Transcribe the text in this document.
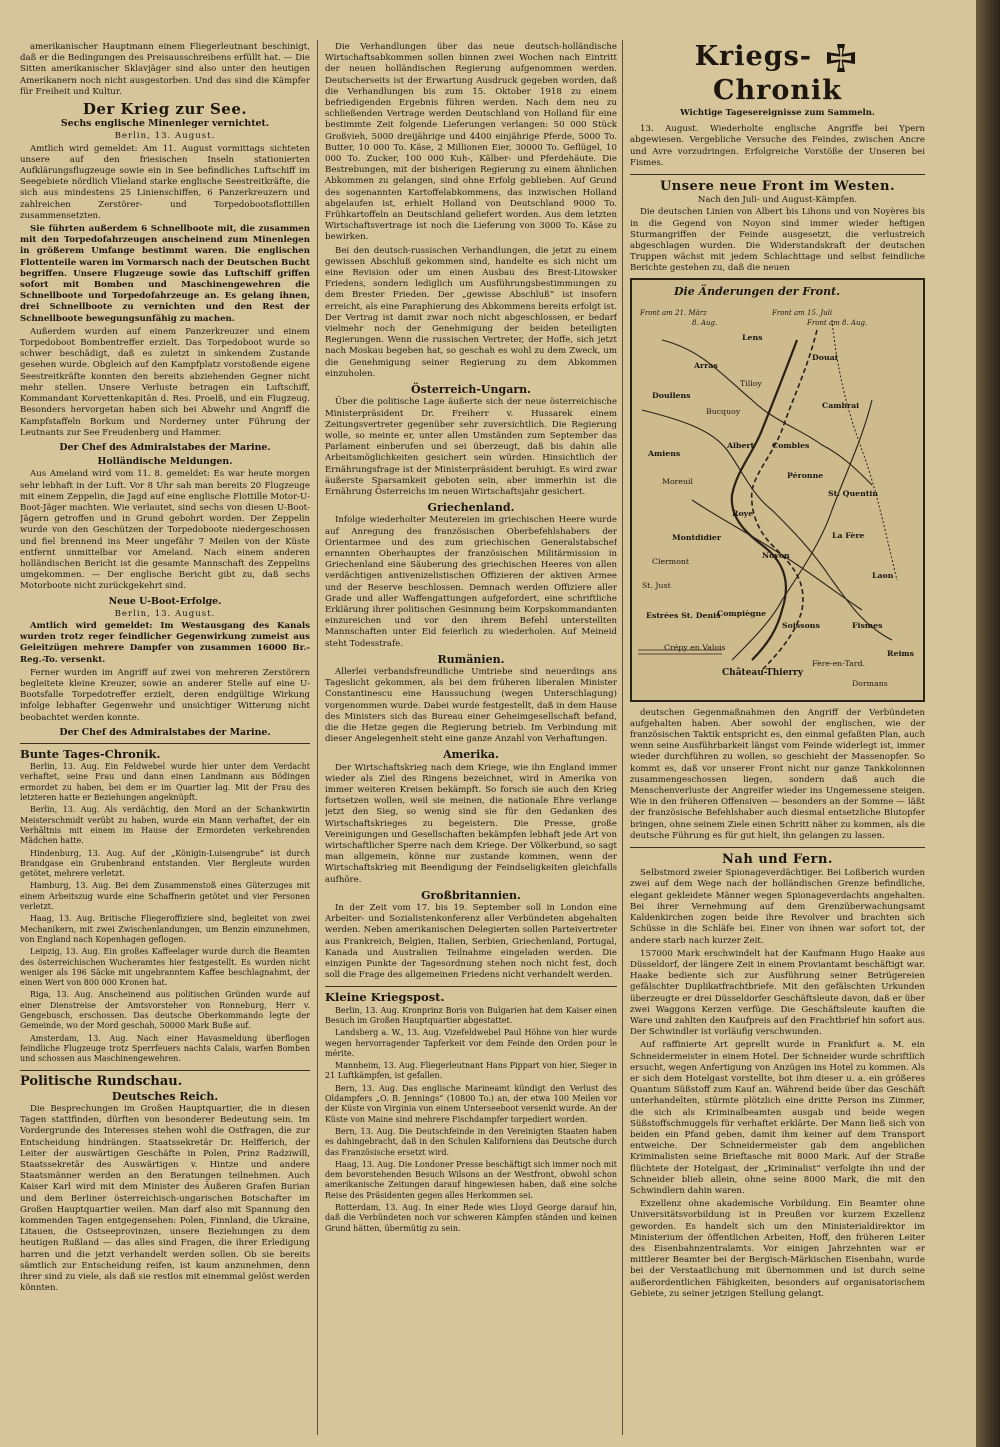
amerikanischer Hauptmann einem Fliegerleutnant beschinigt, daß er die Bedingungen des Preisausschreibens erfüllt hat. — Die Sitten amerikanischer Sklavjäger sind also unter den heutigen Amerikanern noch nicht ausgestorben. Und das sind die Kämpfer für Freiheit und Kultur.

Der Krieg zur See.
Sechs englische Minenleger vernichtet.
Berlin, 13. August.

Amtlich wird gemeldet: Am 11. August vormittags sichteten unsere auf den friesischen Inseln stationierten Aufklärungsflugzeuge sowie ein in See befindliches Luftschiff im Seegebiete nördlich Vlieland starke englische Seestreitkräfte, die sich aus mindestens 25 Linienschiffen, 6 Panzerkreuzern und zahlreichen Zerstörer- und Torpedobootsflottillen zusammensetzten.

Sie führten außerdem 6 Schnellboote mit, die zusammen mit den Torpedofahrzeugen anscheinend zum Minenlegen in größerem Umfange bestimmt waren. Die englischen Flottenteile waren im Vormarsch nach der Deutschen Bucht begriffen. Unsere Flugzeuge sowie das Luftschiff griffen sofort mit Bomben und Maschinengewehren die Schnellboote und Torpedofahrzeuge an. Es gelang ihnen, drei Schnellboote zu vernichten und den Rest der Schnellboote bewegungsunfähig zu machen.

Außerdem wurden auf einem Panzerkreuzer und einem Torpedoboot Bombentreffer erzielt. Das Torpedoboot wurde so schwer beschädigt, daß es zuletzt in sinkendem Zustande gesehen wurde. Obgleich auf den Kampfplatz vorstoßende eigene Seestreitkräfte konnten den bereits abziehenden Gegner nicht mehr stellen. Unsere Verluste betragen ein Luftschiff, Kommandant Korvettenkapitän d. Res. Proelß, und ein Flugzeug. Besonders hervorgetan haben sich bei Abwehr und Angriff die Kampfstaffeln Borkum und Norderney unter Führung der Leutnants zur See Freudenberg und Hammer.

Der Chef des Admiralstabes der Marine.
Holländische Meldungen.

Aus Ameland wird vom 11. 8. gemeldet: Es war heute morgen sehr lebhaft in der Luft. Vor 8 Uhr sah man bereits 20 Flugzeuge mit einem Zeppelin, die Jagd auf eine englische Flottille Motor-U-Boot-Jäger machten. Wie verlautet, sind sechs von diesen U-Boot-Jägern getroffen und in Grund gebohrt worden. Der Zeppelin wurde von den Geschützen der Torpedoboote niedergeschossen und fiel brennend ins Meer ungefähr 7 Meilen von der Küste entfernt unmittelbar vor Ameland. Nach einem anderen holländischen Bericht ist die gesamte Mannschaft des Zeppelins umgekommen. — Der englische Bericht gibt zu, daß sechs Motorboote nicht zurückgekehrt sind.

Neue U-Boot-Erfolge.
Berlin, 13. August.

Amtlich wird gemeldet: Im Westausgang des Kanals wurden trotz reger feindlicher Gegenwirkung zumeist aus Geleitzügen mehrere Dampfer von zusammen 16000 Br.-Reg.-To. versenkt.

Ferner wurden im Angriff auf zwei von mehreren Zerstörern begleitete kleine Kreuzer, sowie an anderer Stelle auf eine U-Bootsfalle Torpedotreffer erzielt, deren endgültige Wirkung infolge lebhafter Gegenwehr und unsichtiger Witterung nicht beobachtet werden konnte.

Der Chef des Admiralstabes der Marine.
Bunte Tages-Chronik.

Berlin, 13. Aug. Ein Feldwebel wurde hier unter dem Verdacht verhaftet, seine Frau und dann einen Landmann aus Bödingen ermordet zu haben, bei dem er im Quartier lag. Mit der Frau des letzteren hatte er Beziehungen angeknüpft.

Berlin, 13. Aug. Als verdächtig, den Mord an der Schankwirtin Meisterschmidt verübt zu haben, wurde ein Mann verhaftet, der ein Verhältnis mit einem im Hause der Ermordeten verkehrenden Mädchen hatte.

Hindenburg, 13. Aug. Auf der „Königin-Luisengrube“ ist durch Brandgase ein Grubenbrand entstanden. Vier Bergleute wurden getötet, mehrere verletzt.

Hamburg, 13. Aug. Bei dem Zusammenstoß eines Güterzuges mit einem Arbeitszug wurde eine Schaffnerin getötet und vier Personen verletzt.

Haag, 13. Aug. Britische Fliegeroffiziere sind, begleitet von zwei Mechanikern, mit zwei Zwischenlandungen, um Benzin einzunehmen, von England nach Kopenhagen geflogen.

Leipzig, 13. Aug. Ein großes Kaffeelager wurde durch die Beamten des österreichischen Wucheramtes hier festgestellt. Es wurden nicht weniger als 196 Säcke mit ungebranntem Kaffee beschlagnahmt, der einen Wert von 800 000 Kronen hat.

Riga, 13. Aug. Anscheinend aus politischen Gründen wurde auf einer Dienstreise der Amtsvorsteher von Ronneburg, Herr v. Gengebusch, erschossen. Das deutsche Oberkommando legte der Gemeinde, wo der Mord geschah, 50000 Mark Buße auf.

Amsterdam, 13. Aug. Nach einer Havasmeldung überflogen feindliche Flugzeuge trotz Sperrfeuers nachts Calais, warfen Bomben und schossen aus Maschinengewehren.

Politische Rundschau.
Deutsches Reich.

Die Besprechungen im Großen Hauptquartier, die in diesen Tagen stattfinden, dürften von besonderer Bedeutung sein. Im Vordergrunde des Interesses stehen wohl die Ostfragen, die zur Entscheidung hindrängen. Staatssekretär Dr. Helfferich, der Leiter der auswärtigen Geschäfte in Polen, Prinz Radziwill, Staatssekretär des Auswärtigen v. Hintze und andere Staatsmänner werden an den Beratungen teilnehmen. Auch Kaiser Karl wird mit dem Minister des Äußeren Grafen Burian und dem Berliner österreichisch-ungarischen Botschafter im Großen Hauptquartier weilen. Man darf also mit Spannung den kommenden Tagen entgegensehen: Polen, Finnland, die Ukraine, Litauen, die Ostseeprovinzen, unsere Beziehungen zu dem heutigen Rußland — das alles sind Fragen, die ihrer Erledigung harren und die jetzt verhandelt werden sollen. Ob sie bereits sämtlich zur Entscheidung reifen, ist kaum anzunehmen, denn ihrer sind zu viele, als daß sie restlos mit einemmal gelöst werden könnten.

Die Verhandlungen über das neue deutsch-holländische Wirtschaftsabkommen sollen binnen zwei Wochen nach Eintritt der neuen holländischen Regierung aufgenommen werden. Deutscherseits ist der Erwartung Ausdruck gegeben worden, daß die Verhandlungen bis zum 15. Oktober 1918 zu einem befriedigenden Ergebnis führen werden. Nach dem neu zu schließenden Vertrage werden Deutschland von Holland für eine bestimmte Zeit folgende Lieferungen verlangen: 50 000 Stück Großvieh, 5000 dreijährige und 4400 einjährige Pferde, 5000 To. Butter, 10 000 To. Käse, 2 Millionen Eier, 30000 To. Geflügel, 10 000 To. Zucker, 100 000 Kuh-, Kälber- und Pferdehäute. Die Bestrebungen, mit der bisherigen Regierung zu einem ähnlichen Abkommen zu gelangen, sind ohne Erfolg geblieben. Auf Grund des sogenannten Kartoffelabkommens, das inzwischen Holland abgelaufen ist, erhielt Holland von Deutschland 9000 To. Frühkartoffeln an Deutschland geliefert worden. Aus dem letzten Wirtschaftsvertrage ist noch die Lieferung von 3000 To. Käse zu bewirken.

Bei den deutsch-russischen Verhandlungen, die jetzt zu einem gewissen Abschluß gekommen sind, handelte es sich nicht um eine Revision oder um einen Ausbau des Brest-Litowsker Friedens, sondern lediglich um Ausführungsbestimmungen zu dem Brester Frieden. Der „gewisse Abschluß“ ist insofern erreicht, als eine Paraphierung des Abkommens bereits erfolgt ist. Der Vertrag ist damit zwar noch nicht abgeschlossen, er bedarf vielmehr noch der Genehmigung der beiden beteiligten Regierungen. Wenn die russischen Vertreter, der Hoffe, sich jetzt nach Moskau begeben hat, so geschah es wohl zu dem Zweck, um die Genehmigung seiner Regierung zu dem Abkommen einzuholen.

Österreich-Ungarn.

Über die politische Lage äußerte sich der neue österreichische Ministerpräsident Dr. Freiherr v. Hussarek einem Zeitungsvertreter gegenüber sehr zuversichtlich. Die Regierung wolle, so meinte er, unter allen Umständen zum September das Parlament einberufen und sei überzeugt, daß bis dahin alle Arbeitsmöglichkeiten gesichert sein würden. Hinsichtlich der Ernährungsfrage ist der Ministerpräsident beruhigt. Es wird zwar äußerste Sparsamkeit geboten sein, aber immerhin ist die Ernährung Österreichs im neuen Wirtschaftsjahr gesichert.

Griechenland.

Infolge wiederholter Meutereien im griechischen Heere wurde auf Anregung des französischen Oberbefehlshabers der Orientarmee und des zum griechischen Generalstabschef ernannten Oberhauptes der französischen Militärmission in Griechenland eine Säuberung des griechischen Heeres von allen verdächtigen antivenizelistischen Offizieren der aktiven Armee und der Reserve beschlossen. Demnach werden Offiziere aller Grade und aller Waffengattungen aufgefordert, eine schriftliche Erklärung ihrer politischen Gesinnung beim Korpskommandanten einzureichen und vor den ihrem Befehl unterstellten Mannschaften unter Eid feierlich zu wiederholen. Auf Meineid steht Todesstrafe.

Rumänien.

Allerlei verbandsfreundliche Umtriebe sind neuerdings ans Tageslicht gekommen, als bei dem früheren liberalen Minister Constantinescu eine Haussuchung (wegen Unterschlagung) vorgenommen wurde. Dabei wurde festgestellt, daß in dem Hause des Ministers sich das Bureau einer Geheimgesellschaft befand, die die Hetze gegen die Regierung betrieb. Im Verbindung mit dieser Angelegenheit steht eine ganze Anzahl von Verhaftungen.

Amerika.

Der Wirtschaftskrieg nach dem Kriege, wie ihn England immer wieder als Ziel des Ringens bezeichnet, wird in Amerika von immer weiteren Kreisen bekämpft. So forsch sie auch den Krieg fortsetzen wollen, weil sie meinen, die nationale Ehre verlange jetzt den Sieg, so wenig sind sie für den Gedanken des Wirtschaftskrieges zu begeistern. Die Presse, große Vereinigungen und Gesellschaften bekämpfen lebhaft jede Art von wirtschaftlicher Sperre nach dem Kriege. Der Völkerbund, so sagt man allgemein, könne nur zustande kommen, wenn der Wirtschaftskrieg mit Beendigung der Feindseligkeiten gleichfalls aufhöre.

Großbritannien.

In der Zeit vom 17. bis 19. September soll in London eine Arbeiter- und Sozialistenkonferenz aller Verbündeten abgehalten werden. Neben amerikanischen Delegierten sollen Parteivertreter aus Frankreich, Belgien, Italien, Serbien, Griechenland, Portugal, Kanada und Australien Teilnahme eingeladen werden. Die einzigen Punkte der Tagesordnung stehen noch nicht fest, doch soll die Frage des allgemeinen Friedens nicht verhandelt werden.

Kleine Kriegspost.

Berlin, 13. Aug. Kronprinz Boris von Bulgarien hat dem Kaiser einen Besuch im Großen Hauptquartier abgestattet.

Landsberg a. W., 13. Aug. Vizefeldwebel Paul Höhne von hier wurde wegen hervorragender Tapferkeit vor dem Feinde den Orden pour le mérite.

Mannheim, 13. Aug. Fliegerleutnant Hans Pippart von hier, Sieger in 21 Luftkämpfen, ist gefallen.

Bern, 13. Aug. Das englische Marineamt kündigt den Verlust des Oldampfers „O. B. Jennings“ (10800 To.) an, der etwa 100 Meilen vor der Küste von Virginia von einem Unterseeboot versenkt wurde. An der Küste von Maine sind mehrere Fischdampfer torpediert worden.

Bern, 13. Aug. Die Deutschfeinde in den Vereinigten Staaten haben es dahingebracht, daß in den Schulen Kaliforniens das Deutsche durch das Französische ersetzt wird.

Haag, 13. Aug. Die Londoner Presse beschäftigt sich immer noch mit dem bevorstehenden Besuch Wilsons an der Westfront, obwohl schon amerikanische Zeitungen darauf hingewiesen haben, daß eine solche Reise des Präsidenten gegen alles Herkommen sei.

Rotterdam, 13. Aug. In einer Rede wies Lloyd George darauf hin, daß die Verbündeten noch vor schweren Kämpfen ständen und keinen Grund hätten, übermütig zu sein.

Kriegs-  Chronik
Wichtige Tagesereignisse zum Sammeln.

13. August. Wiederholte englische Angriffe bei Ypern abgewiesen. Vergebliche Versuche des Feindes, zwischen Ancre und Avre vorzudringen. Erfolgreiche Vorstöße der Unseren bei Fismes.

Unsere neue Front im Westen.
Nach den Juli- und August-Kämpfen.

Die deutschen Linien von Albert bis Lihons und von Noyères bis in die Gegend von Noyon sind immer wieder heftigen Sturmangriffen der Feinde ausgesetzt, die verlustreich abgeschlagen wurden. Die Widerstandskraft der deutschen Truppen wächst mit jedem Schlachttage und selbst feindliche Berichte gestehen zu, daß die neuen

Die Änderungen der Front.
Front am 21. März	Front am 15. Juli
Front am 8. Aug.
8. Aug.
Lens
Arras
Douai
Doullens
Tilloy
Cambrai
Bucquoy
Albert Combles
Amiens
Péronne
St. Quentin
Moreuil
Roye
La Fère
Noyon
Montdidier
St. Just
Laon
Estrées St. Denis
Compiègne
Soissons
Crépy en Valois
Fismes
Reims
Château-Thierry
Fère-en-Tard.
Dormans
Clermont

deutschen Gegenmaßnahmen den Angriff der Verbündeten aufgehalten haben. Aber sowohl der englischen, wie der französischen Taktik entspricht es, den einmal gefaßten Plan, auch wenn seine Ausführbarkeit längst vom Feinde widerlegt ist, immer wieder durchführen zu wollen, so geschieht der Massenopfer. So kommt es, daß vor unserer Front nicht nur ganze Tankkolonnen zusammengeschossen liegen, sondern daß auch die Menschenverluste der Angreifer wieder ins Ungemessene steigen. Wie in den früheren Offensiven — besonders an der Somme — läßt der französische Befehlshaber auch diesmal entsetzliche Blutopfer bringen, ohne seinem Ziele einen Schritt näher zu kommen, als die deutsche Führung es für gut hielt, ihn gelangen zu lassen.

Nah und Fern.

Selbstmord zweier Spionageverdächtiger. Bei Loßberich wurden zwei auf dem Wege nach der holländischen Grenze befindliche, elegant gekleidete Männer wegen Spionageverdachts angehalten. Bei ihrer Vernehmung auf dem Grenzüberwachungsamt Kaldenkirchen zogen beide ihre Revolver und brachten sich Schüsse in die Schläfe bei. Einer von ihnen war sofort tot, der andere starb nach kurzer Zeit.

157000 Mark erschwindelt hat der Kaufmann Hugo Haake aus Düsseldorf, der längere Zeit in einem Proviantamt beschäftigt war. Haake bediente sich zur Ausführung seiner Betrügereien gefälschter Duplikatfrachtbriefe. Mit den gefälschten Urkunden überzeugte er drei Düsseldorfer Geschäftsleute davon, daß er über zwei Waggons Kerzen verfüge. Die Geschäftsleute kauften die Ware und zahlten den Kaufpreis auf den Frachtbrief hin sofort aus. Der Schwindler ist vorläufig verschwunden.

Auf raffinierte Art geprellt wurde in Frankfurt a. M. ein Schneidermeister in einem Hotel. Der Schneider wurde schriftlich ersucht, wegen Anfertigung von Anzügen ins Hotel zu kommen. Als er sich dem Hotelgast vorstellte, bot ihm dieser u. a. ein größeres Quantum Süßstoff zum Kauf an. Während beide über das Geschäft unterhandelten, stürmte plötzlich eine dritte Person ins Zimmer, die sich als Kriminalbeamten ausgab und beide wegen Süßstoffschmuggels für verhaftet erklärte. Der Mann ließ sich von beiden ein Pfand geben, damit ihm keiner auf dem Transport entweiche. Der Schneidermeister gab dem angeblichen Kriminalisten seine Brieftasche mit 8000 Mark. Auf der Straße flüchtete der Hotelgast, der „Kriminalist“ verfolgte ihn und der Schneider blieb allein, ohne seine 8000 Mark, die mit den Schwindlern dahin waren.

Exzellenz ohne akademische Vorbildung. Ein Beamter ohne Universitätsvorbildung ist in Preußen vor kurzem Exzellenz geworden. Es handelt sich um den Ministerialdirektor im Ministerium der öffentlichen Arbeiten, Hoff, den früheren Leiter des Eisenbahnzentralamts. Vor einigen Jahrzehnten war er mittlerer Beamter bei der Bergisch-Märkischen Eisenbahn, wurde bei der Verstaatlichung mit übernommen und ist durch seine außerordentlichen Fähigkeiten, besonders auf organisatorischem Gebiete, zu seiner jetzigen Stellung gelangt.
